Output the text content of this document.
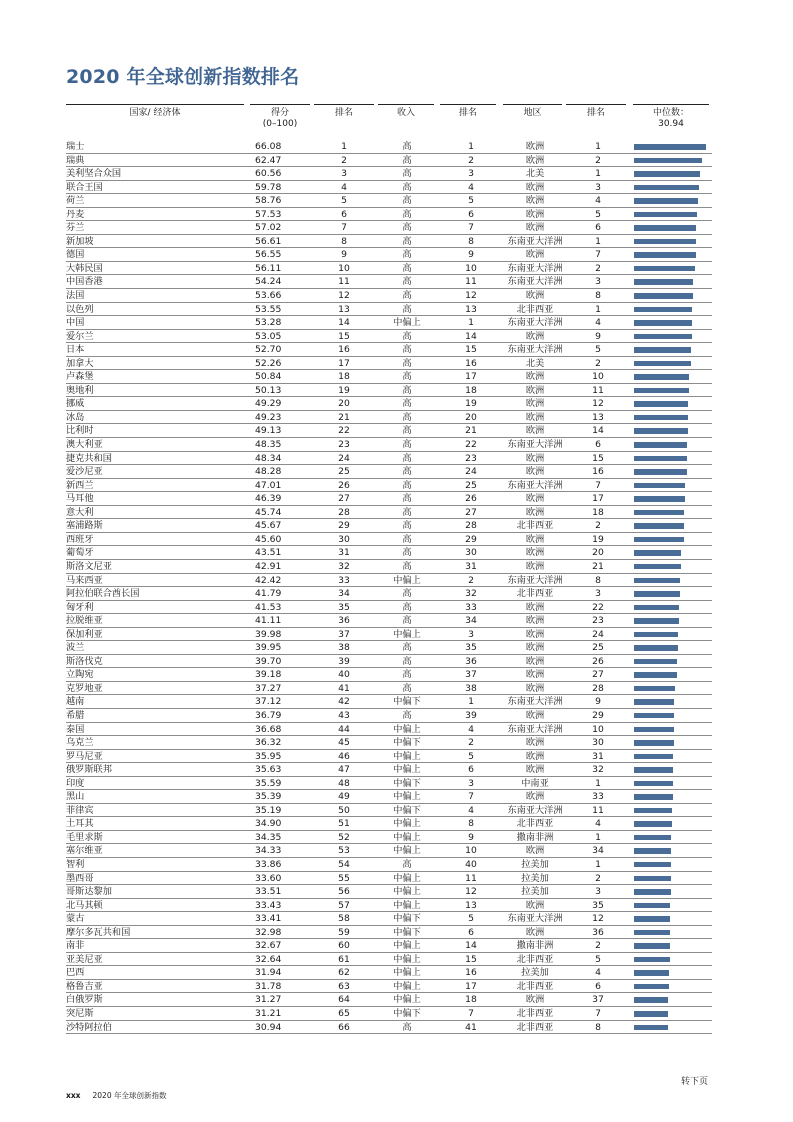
2020 年全球创新指数排名
国家/ 经济体	得分
(0–100)
排名	收入	排名	地区	排名	中位数：
30.94
瑞士	66.08	1	高	1	欧洲	1
瑞典	62.47	2	高	2	欧洲	2
美利坚合众国	60.56	3	高	3	北美	1
联合王国	59.78	4	高	4	欧洲	3
荷兰	58.76	5	高	5	欧洲	4
丹麦	57.53	6	高	6	欧洲	5
芬兰	57.02	7	高	7	欧洲	6
新加坡	56.61	8	高	8	东南亚大洋洲	1
德国	56.55	9	高	9	欧洲	7
大韩民国	56.11	10	高	10	东南亚大洋洲	2
中国香港	54.24	11	高	11	东南亚大洋洲	3
法国	53.66	12	高	12	欧洲	8
以色列	53.55	13	高	13	北非西亚	1
中国	53.28	14	中偏上	1	东南亚大洋洲	4
爱尔兰	53.05	15	高	14	欧洲	9
日本	52.70	16	高	15	东南亚大洋洲	5
加拿大	52.26	17	高	16	北美	2
卢森堡	50.84	18	高	17	欧洲	10
奥地利	50.13	19	高	18	欧洲	11
挪威	49.29	20	高	19	欧洲	12
冰岛	49.23	21	高	20	欧洲	13
比利时	49.13	22	高	21	欧洲	14
澳大利亚	48.35	23	高	22	东南亚大洋洲	6
捷克共和国	48.34	24	高	23	欧洲	15
爱沙尼亚	48.28	25	高	24	欧洲	16
新西兰	47.01	26	高	25	东南亚大洋洲	7
马耳他	46.39	27	高	26	欧洲	17
意大利	45.74	28	高	27	欧洲	18
塞浦路斯	45.67	29	高	28	北非西亚	2
西班牙	45.60	30	高	29	欧洲	19
葡萄牙	43.51	31	高	30	欧洲	20
斯洛文尼亚	42.91	32	高	31	欧洲	21
马来西亚	42.42	33	中偏上	2	东南亚大洋洲	8
阿拉伯联合酋长国	41.79	34	高	32	北非西亚	3
匈牙利	41.53	35	高	33	欧洲	22
拉脱维亚	41.11	36	高	34	欧洲	23
保加利亚	39.98	37	中偏上	3	欧洲	24
波兰	39.95	38	高	35	欧洲	25
斯洛伐克	39.70	39	高	36	欧洲	26
立陶宛	39.18	40	高	37	欧洲	27
克罗地亚	37.27	41	高	38	欧洲	28
越南	37.12	42	中偏下	1	东南亚大洋洲	9
希腊	36.79	43	高	39	欧洲	29
泰国	36.68	44	中偏上	4	东南亚大洋洲	10
乌克兰	36.32	45	中偏下	2	欧洲	30
罗马尼亚	35.95	46	中偏上	5	欧洲	31
俄罗斯联邦	35.63	47	中偏上	6	欧洲	32
印度	35.59	48	中偏下	3	中南亚	1
黑山	35.39	49	中偏上	7	欧洲	33
菲律宾	35.19	50	中偏下	4	东南亚大洋洲	11
土耳其	34.90	51	中偏上	8	北非西亚	4
毛里求斯	34.35	52	中偏上	9	撒南非洲	1
塞尔维亚	34.33	53	中偏上	10	欧洲	34
智利	33.86	54	高	40	拉美加	1
墨西哥	33.60	55	中偏上	11	拉美加	2
哥斯达黎加	33.51	56	中偏上	12	拉美加	3
北马其顿	33.43	57	中偏上	13	欧洲	35
蒙古	33.41	58	中偏下	5	东南亚大洋洲	12
摩尔多瓦共和国	32.98	59	中偏下	6	欧洲	36
南非	32.67	60	中偏上	14	撒南非洲	2
亚美尼亚	32.64	61	中偏上	15	北非西亚	5
巴西	31.94	62	中偏上	16	拉美加	4
格鲁吉亚	31.78	63	中偏上	17	北非西亚	6
白俄罗斯	31.27	64	中偏上	18	欧洲	37
突尼斯	31.21	65	中偏下	7	北非西亚	7
沙特阿拉伯	30.94	66	高	41	北非西亚	8
转下页
xxx 2020 年全球创新指数
